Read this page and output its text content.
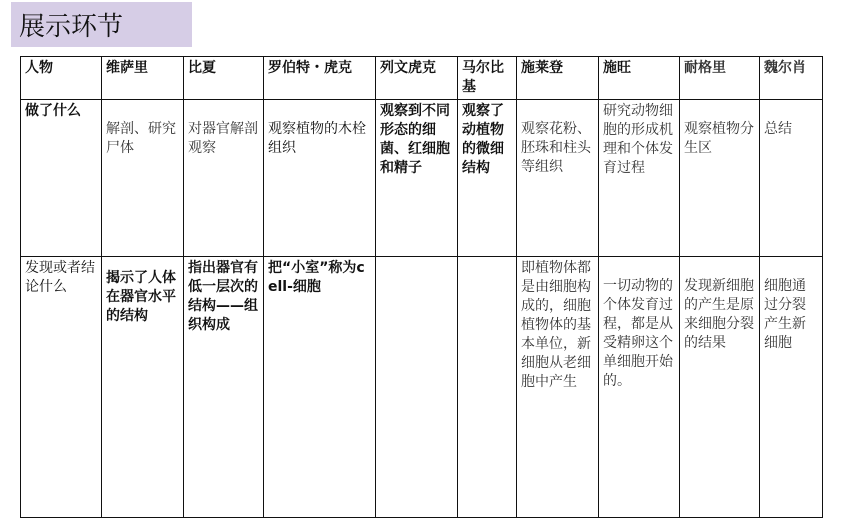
展示环节
人物	维萨里	比夏	罗伯特・虎克	列文虎克	马尔比基	施莱登	施旺	耐格里	魏尔肖
做了什么	解剖、研究尸体	对器官解剖观察	观察植物的木栓组织	观察到不同形态的细菌、红细胞和精子	观察了动植物的微细结构	观察花粉、胚珠和柱头等组织	研究动物细胞的形成机理和个体发育过程	观察植物分生区	总结
发现或者结论什么	揭示了人体在器官水平的结构	指出器官有低一层次的结构——组织构成	把“小室”称为cell-细胞			即植物体都是由细胞构成的，细胞植物体的基本单位，新细胞从老细胞中产生	一切动物的个体发育过程，都是从受精卵这个单细胞开始的。	发现新细胞的产生是原来细胞分裂的结果	细胞通过分裂产生新细胞
